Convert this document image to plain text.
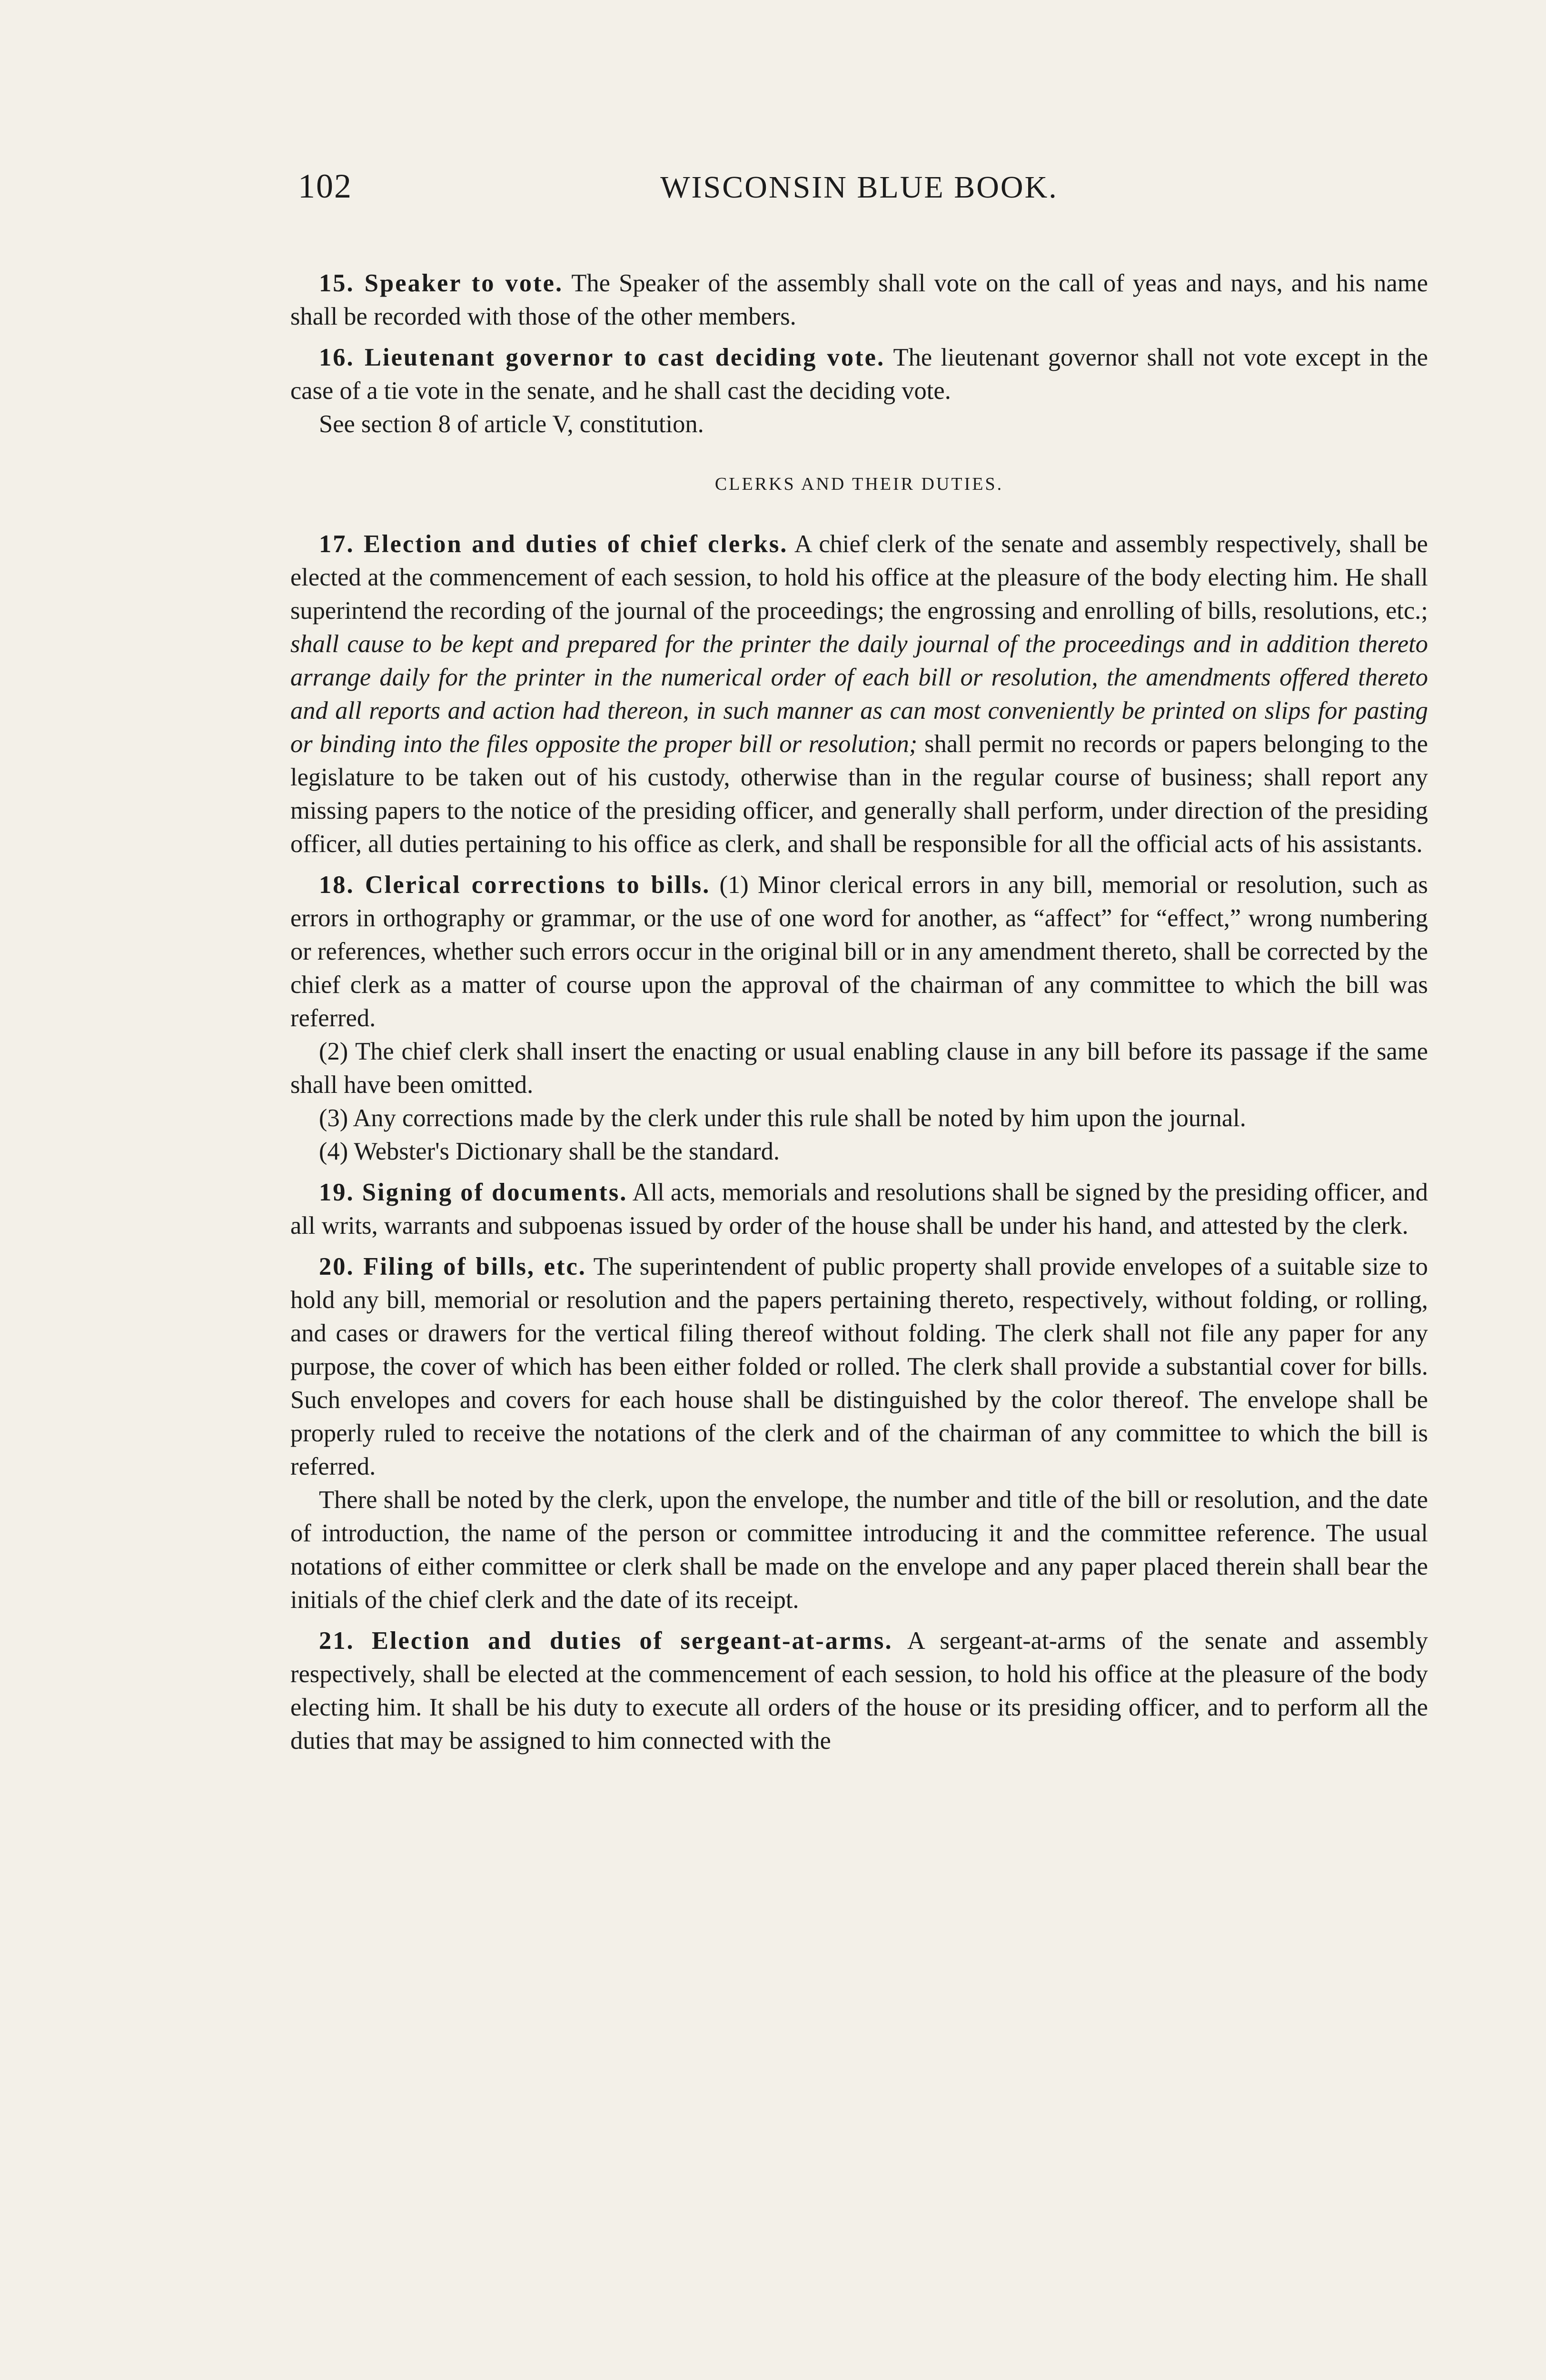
102	WISCONSIN BLUE BOOK.

15. Speaker to vote. The Speaker of the assembly shall vote on the call of yeas and nays, and his name shall be recorded with those of the other members.

16. Lieutenant governor to cast deciding vote. The lieutenant governor shall not vote except in the case of a tie vote in the senate, and he shall cast the deciding vote.

See section 8 of article V, constitution.

CLERKS AND THEIR DUTIES.

17. Election and duties of chief clerks. A chief clerk of the senate and assembly respectively, shall be elected at the commencement of each session, to hold his office at the pleasure of the body electing him. He shall superintend the recording of the journal of the proceedings; the engrossing and enrolling of bills, resolutions, etc.; shall cause to be kept and prepared for the printer the daily journal of the proceedings and in addition thereto arrange daily for the printer in the numerical order of each bill or resolution, the amendments offered thereto and all reports and action had thereon, in such manner as can most conveniently be printed on slips for pasting or binding into the files opposite the proper bill or resolution; shall permit no records or papers belonging to the legislature to be taken out of his custody, otherwise than in the regular course of business; shall report any missing papers to the notice of the presiding officer, and generally shall perform, under direction of the presiding officer, all duties pertaining to his office as clerk, and shall be responsible for all the official acts of his assistants.

18. Clerical corrections to bills. (1) Minor clerical errors in any bill, memorial or resolution, such as errors in orthography or grammar, or the use of one word for another, as “affect” for “effect,” wrong numbering or references, whether such errors occur in the original bill or in any amendment thereto, shall be corrected by the chief clerk as a matter of course upon the approval of the chairman of any committee to which the bill was referred.

(2) The chief clerk shall insert the enacting or usual enabling clause in any bill before its passage if the same shall have been omitted.

(3) Any corrections made by the clerk under this rule shall be noted by him upon the journal.

(4) Webster's Dictionary shall be the standard.

19. Signing of documents. All acts, memorials and resolutions shall be signed by the presiding officer, and all writs, warrants and subpoenas issued by order of the house shall be under his hand, and attested by the clerk.

20. Filing of bills, etc. The superintendent of public property shall provide envelopes of a suitable size to hold any bill, memorial or resolution and the papers pertaining thereto, respectively, without folding, or rolling, and cases or drawers for the vertical filing thereof without folding. The clerk shall not file any paper for any purpose, the cover of which has been either folded or rolled. The clerk shall provide a substantial cover for bills. Such envelopes and covers for each house shall be distinguished by the color thereof. The envelope shall be properly ruled to receive the notations of the clerk and of the chairman of any committee to which the bill is referred.

There shall be noted by the clerk, upon the envelope, the number and title of the bill or resolution, and the date of introduction, the name of the person or committee introducing it and the committee reference. The usual notations of either committee or clerk shall be made on the envelope and any paper placed therein shall bear the initials of the chief clerk and the date of its receipt.

21. Election and duties of sergeant-at-arms. A sergeant-at-arms of the senate and assembly respectively, shall be elected at the commencement of each session, to hold his office at the pleasure of the body electing him. It shall be his duty to execute all orders of the house or its presiding officer, and to perform all the duties that may be assigned to him connected with the
